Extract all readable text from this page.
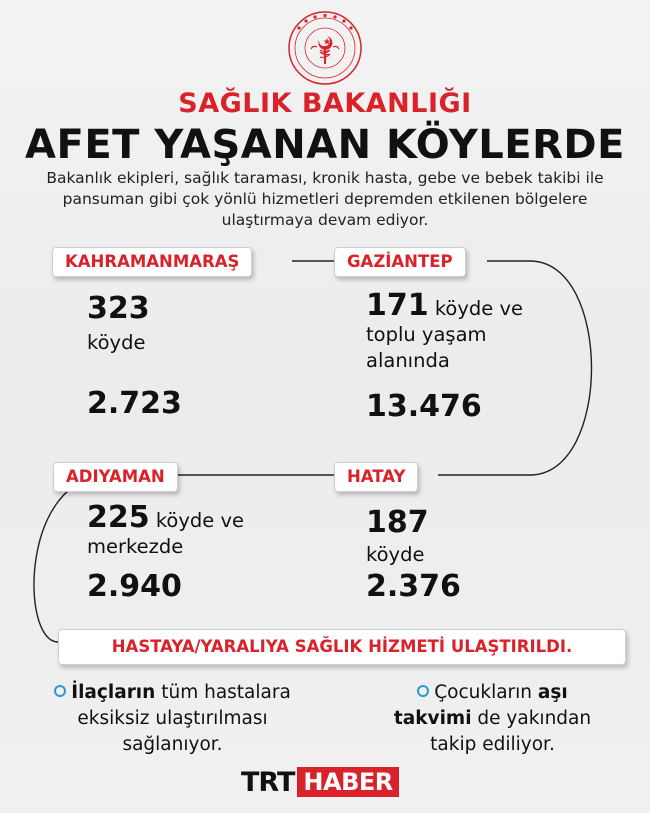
SAĞLIK BAKANLIĞI
AFET YAŞANAN KÖYLERDE
Bakanlık ekipleri, sağlık taraması, kronik hasta, gebe ve bebek takibi ile pansuman gibi çok yönlü hizmetleri depremden etkilenen bölgelere ulaştırmaya devam ediyor.
KAHRAMANMARAŞ
323
köyde
2.723
GAZİANTEP
171 köyde ve
toplu yaşam
alanında
13.476
ADIYAMAN
225 köyde ve
merkezde
2.940
HATAY
187
köyde
2.376
HASTAYA/YARALIYA SAĞLIK HİZMETİ ULAŞTIRILDI.
İlaçların tüm hastalara
eksiksiz ulaştırılması
sağlanıyor.
Çocukların aşı
takvimi de yakından
takip ediliyor.
TRT HABER
